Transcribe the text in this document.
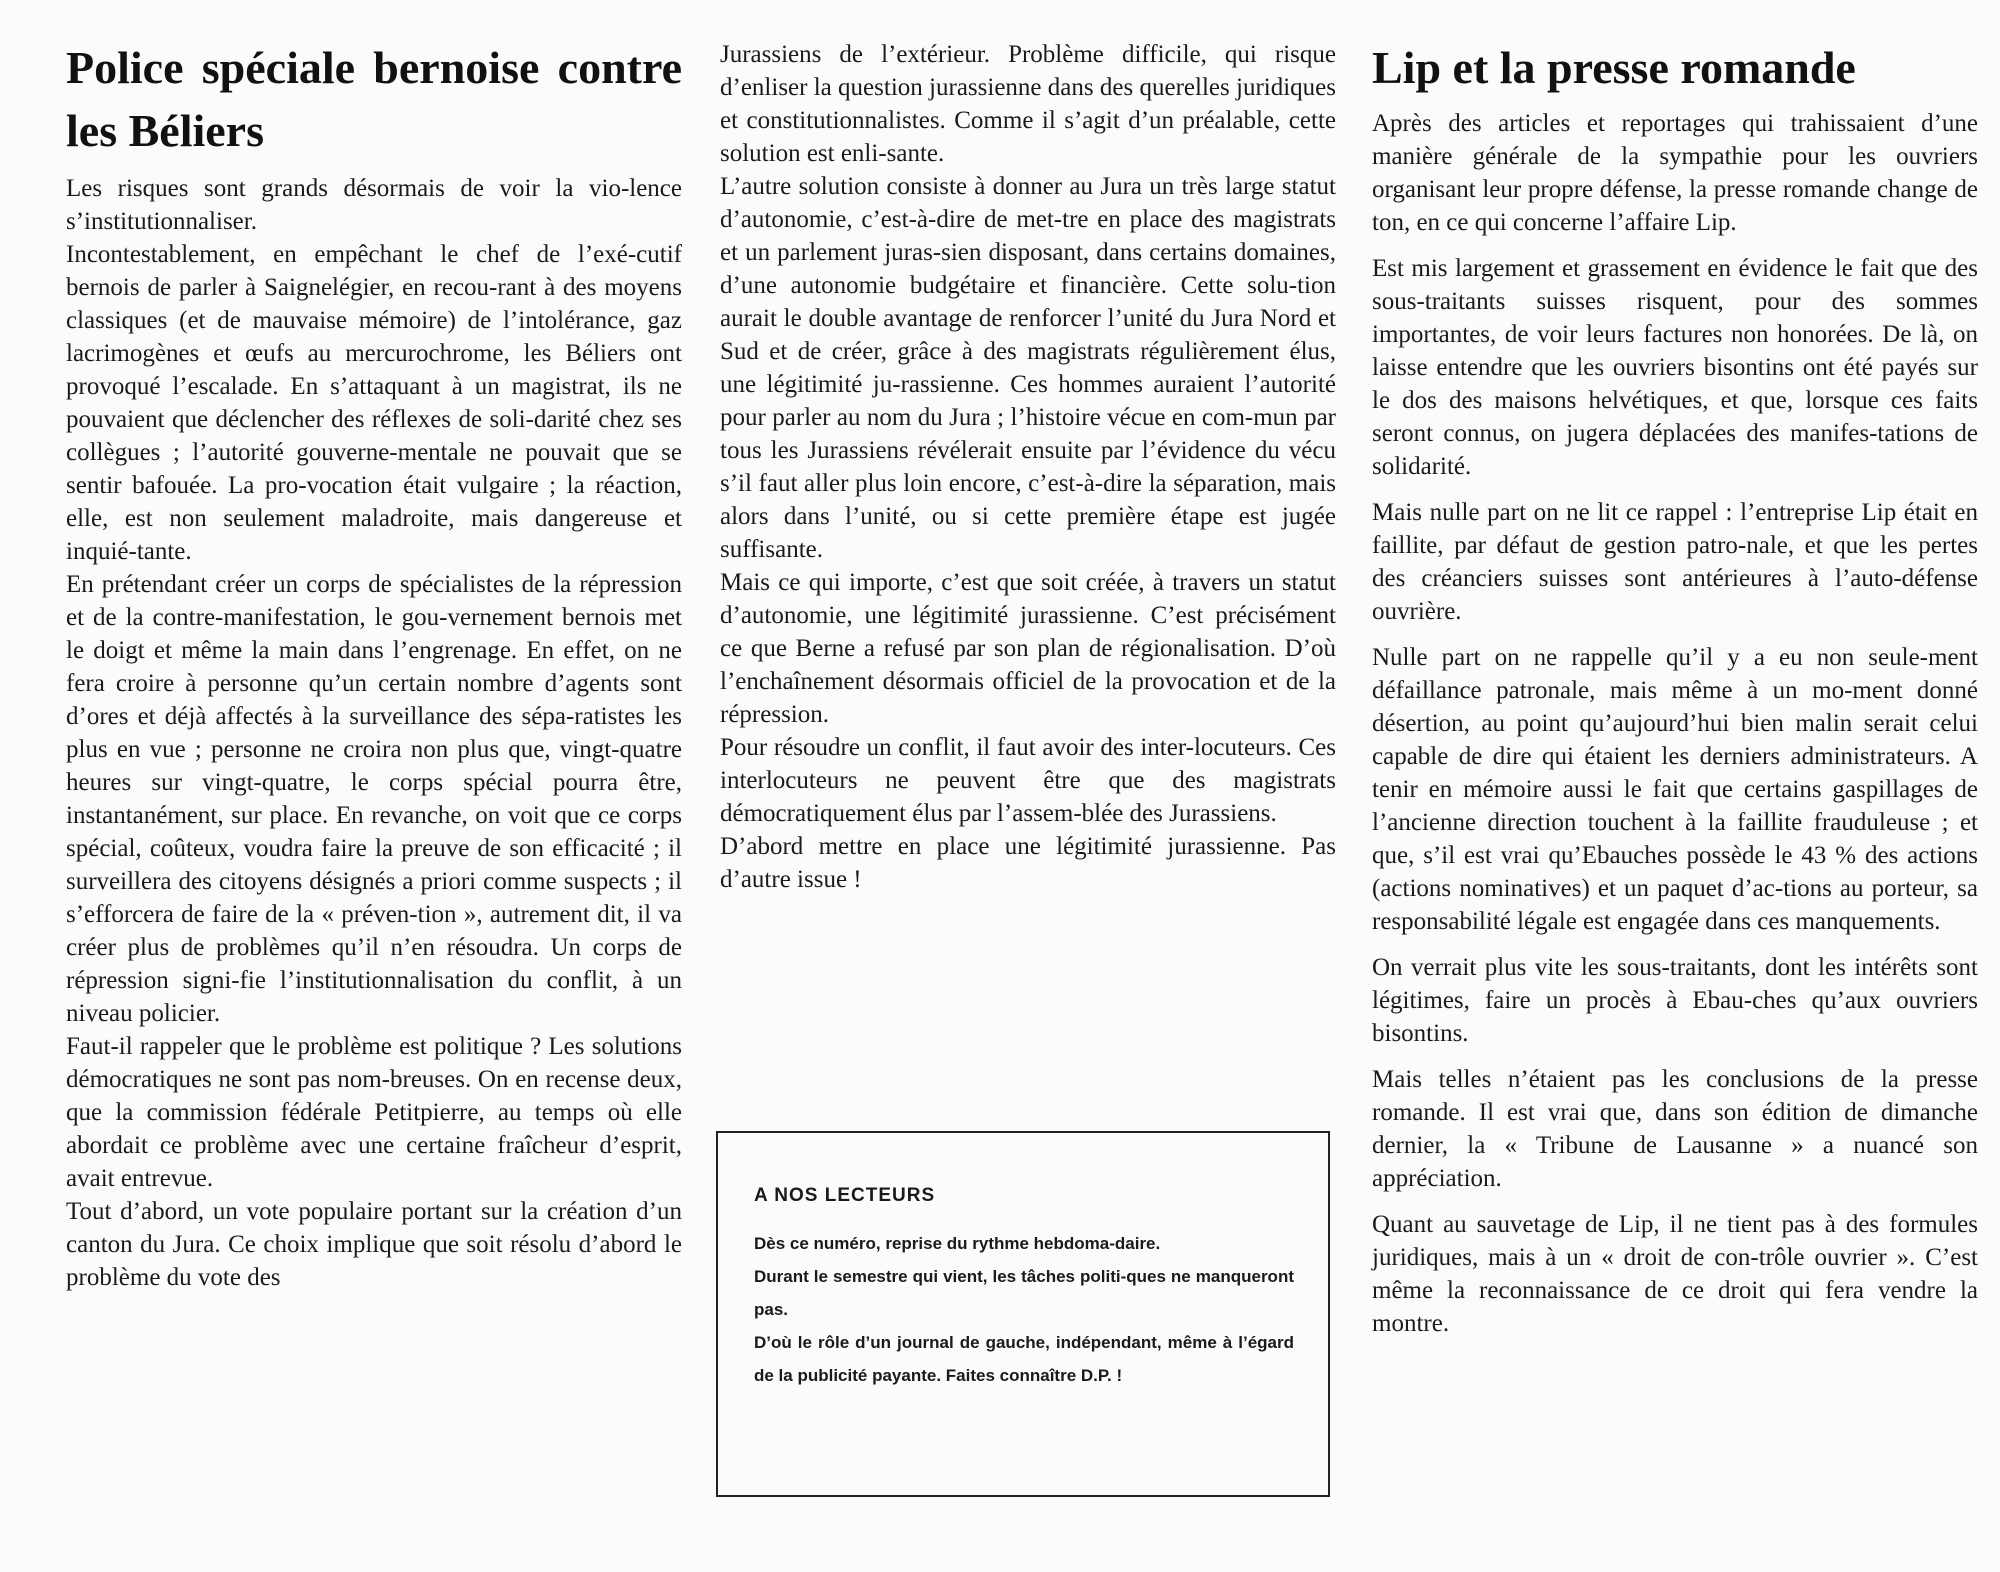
Police spéciale bernoise contre les Béliers

Les risques sont grands désormais de voir la vio-lence s’institutionnaliser.

Incontestablement, en empêchant le chef de l’exé-cutif bernois de parler à Saignelégier, en recou-rant à des moyens classiques (et de mauvaise mémoire) de l’intolérance, gaz lacrimogènes et œufs au mercurochrome, les Béliers ont provoqué l’escalade. En s’attaquant à un magistrat, ils ne pouvaient que déclencher des réflexes de soli-darité chez ses collègues ; l’autorité gouverne-mentale ne pouvait que se sentir bafouée. La pro-vocation était vulgaire ; la réaction, elle, est non seulement maladroite, mais dangereuse et inquié-tante.

En prétendant créer un corps de spécialistes de la répression et de la contre-manifestation, le gou-vernement bernois met le doigt et même la main dans l’engrenage. En effet, on ne fera croire à personne qu’un certain nombre d’agents sont d’ores et déjà affectés à la surveillance des sépa-ratistes les plus en vue ; personne ne croira non plus que, vingt-quatre heures sur vingt-quatre, le corps spécial pourra être, instantanément, sur place. En revanche, on voit que ce corps spécial, coûteux, voudra faire la preuve de son efficacité ; il surveillera des citoyens désignés a priori comme suspects ; il s’efforcera de faire de la « préven-tion », autrement dit, il va créer plus de problèmes qu’il n’en résoudra. Un corps de répression signi-fie l’institutionnalisation du conflit, à un niveau policier.

Faut-il rappeler que le problème est politique ? Les solutions démocratiques ne sont pas nom-breuses. On en recense deux, que la commission fédérale Petitpierre, au temps où elle abordait ce problème avec une certaine fraîcheur d’esprit, avait entrevue.

Tout d’abord, un vote populaire portant sur la création d’un canton du Jura. Ce choix implique que soit résolu d’abord le problème du vote des

Jurassiens de l’extérieur. Problème difficile, qui risque d’enliser la question jurassienne dans des querelles juridiques et constitutionnalistes. Comme il s’agit d’un préalable, cette solution est enli-sante.

L’autre solution consiste à donner au Jura un très large statut d’autonomie, c’est-à-dire de met-tre en place des magistrats et un parlement juras-sien disposant, dans certains domaines, d’une autonomie budgétaire et financière. Cette solu-tion aurait le double avantage de renforcer l’unité du Jura Nord et Sud et de créer, grâce à des magistrats régulièrement élus, une légitimité ju-rassienne. Ces hommes auraient l’autorité pour parler au nom du Jura ; l’histoire vécue en com-mun par tous les Jurassiens révélerait ensuite par l’évidence du vécu s’il faut aller plus loin encore, c’est-à-dire la séparation, mais alors dans l’unité, ou si cette première étape est jugée suffisante.

Mais ce qui importe, c’est que soit créée, à travers un statut d’autonomie, une légitimité jurassienne. C’est précisément ce que Berne a refusé par son plan de régionalisation. D’où l’enchaînement désormais officiel de la provocation et de la répression.

Pour résoudre un conflit, il faut avoir des inter-locuteurs. Ces interlocuteurs ne peuvent être que des magistrats démocratiquement élus par l’assem-blée des Jurassiens.

D’abord mettre en place une légitimité jurassienne. Pas d’autre issue !

A NOS LECTEURS

Dès ce numéro, reprise du rythme hebdoma-daire.

Durant le semestre qui vient, les tâches politi-ques ne manqueront pas.

D’où le rôle d’un journal de gauche, indépendant, même à l’égard de la publicité payante. Faites connaître D.P. !

Lip et la presse romande

Après des articles et reportages qui trahissaient d’une manière générale de la sympathie pour les ouvriers organisant leur propre défense, la presse romande change de ton, en ce qui concerne l’affaire Lip.

Est mis largement et grassement en évidence le fait que des sous-traitants suisses risquent, pour des sommes importantes, de voir leurs factures non honorées. De là, on laisse entendre que les ouvriers bisontins ont été payés sur le dos des maisons helvétiques, et que, lorsque ces faits seront connus, on jugera déplacées des manifes-tations de solidarité.

Mais nulle part on ne lit ce rappel : l’entreprise Lip était en faillite, par défaut de gestion patro-nale, et que les pertes des créanciers suisses sont antérieures à l’auto-défense ouvrière.

Nulle part on ne rappelle qu’il y a eu non seule-ment défaillance patronale, mais même à un mo-ment donné désertion, au point qu’aujourd’hui bien malin serait celui capable de dire qui étaient les derniers administrateurs. A tenir en mémoire aussi le fait que certains gaspillages de l’ancienne direction touchent à la faillite frauduleuse ; et que, s’il est vrai qu’Ebauches possède le 43 % des actions (actions nominatives) et un paquet d’ac-tions au porteur, sa responsabilité légale est engagée dans ces manquements.

On verrait plus vite les sous-traitants, dont les intérêts sont légitimes, faire un procès à Ebau-ches qu’aux ouvriers bisontins.

Mais telles n’étaient pas les conclusions de la presse romande. Il est vrai que, dans son édition de dimanche dernier, la « Tribune de Lausanne » a nuancé son appréciation.

Quant au sauvetage de Lip, il ne tient pas à des formules juridiques, mais à un « droit de con-trôle ouvrier ». C’est même la reconnaissance de ce droit qui fera vendre la montre.
